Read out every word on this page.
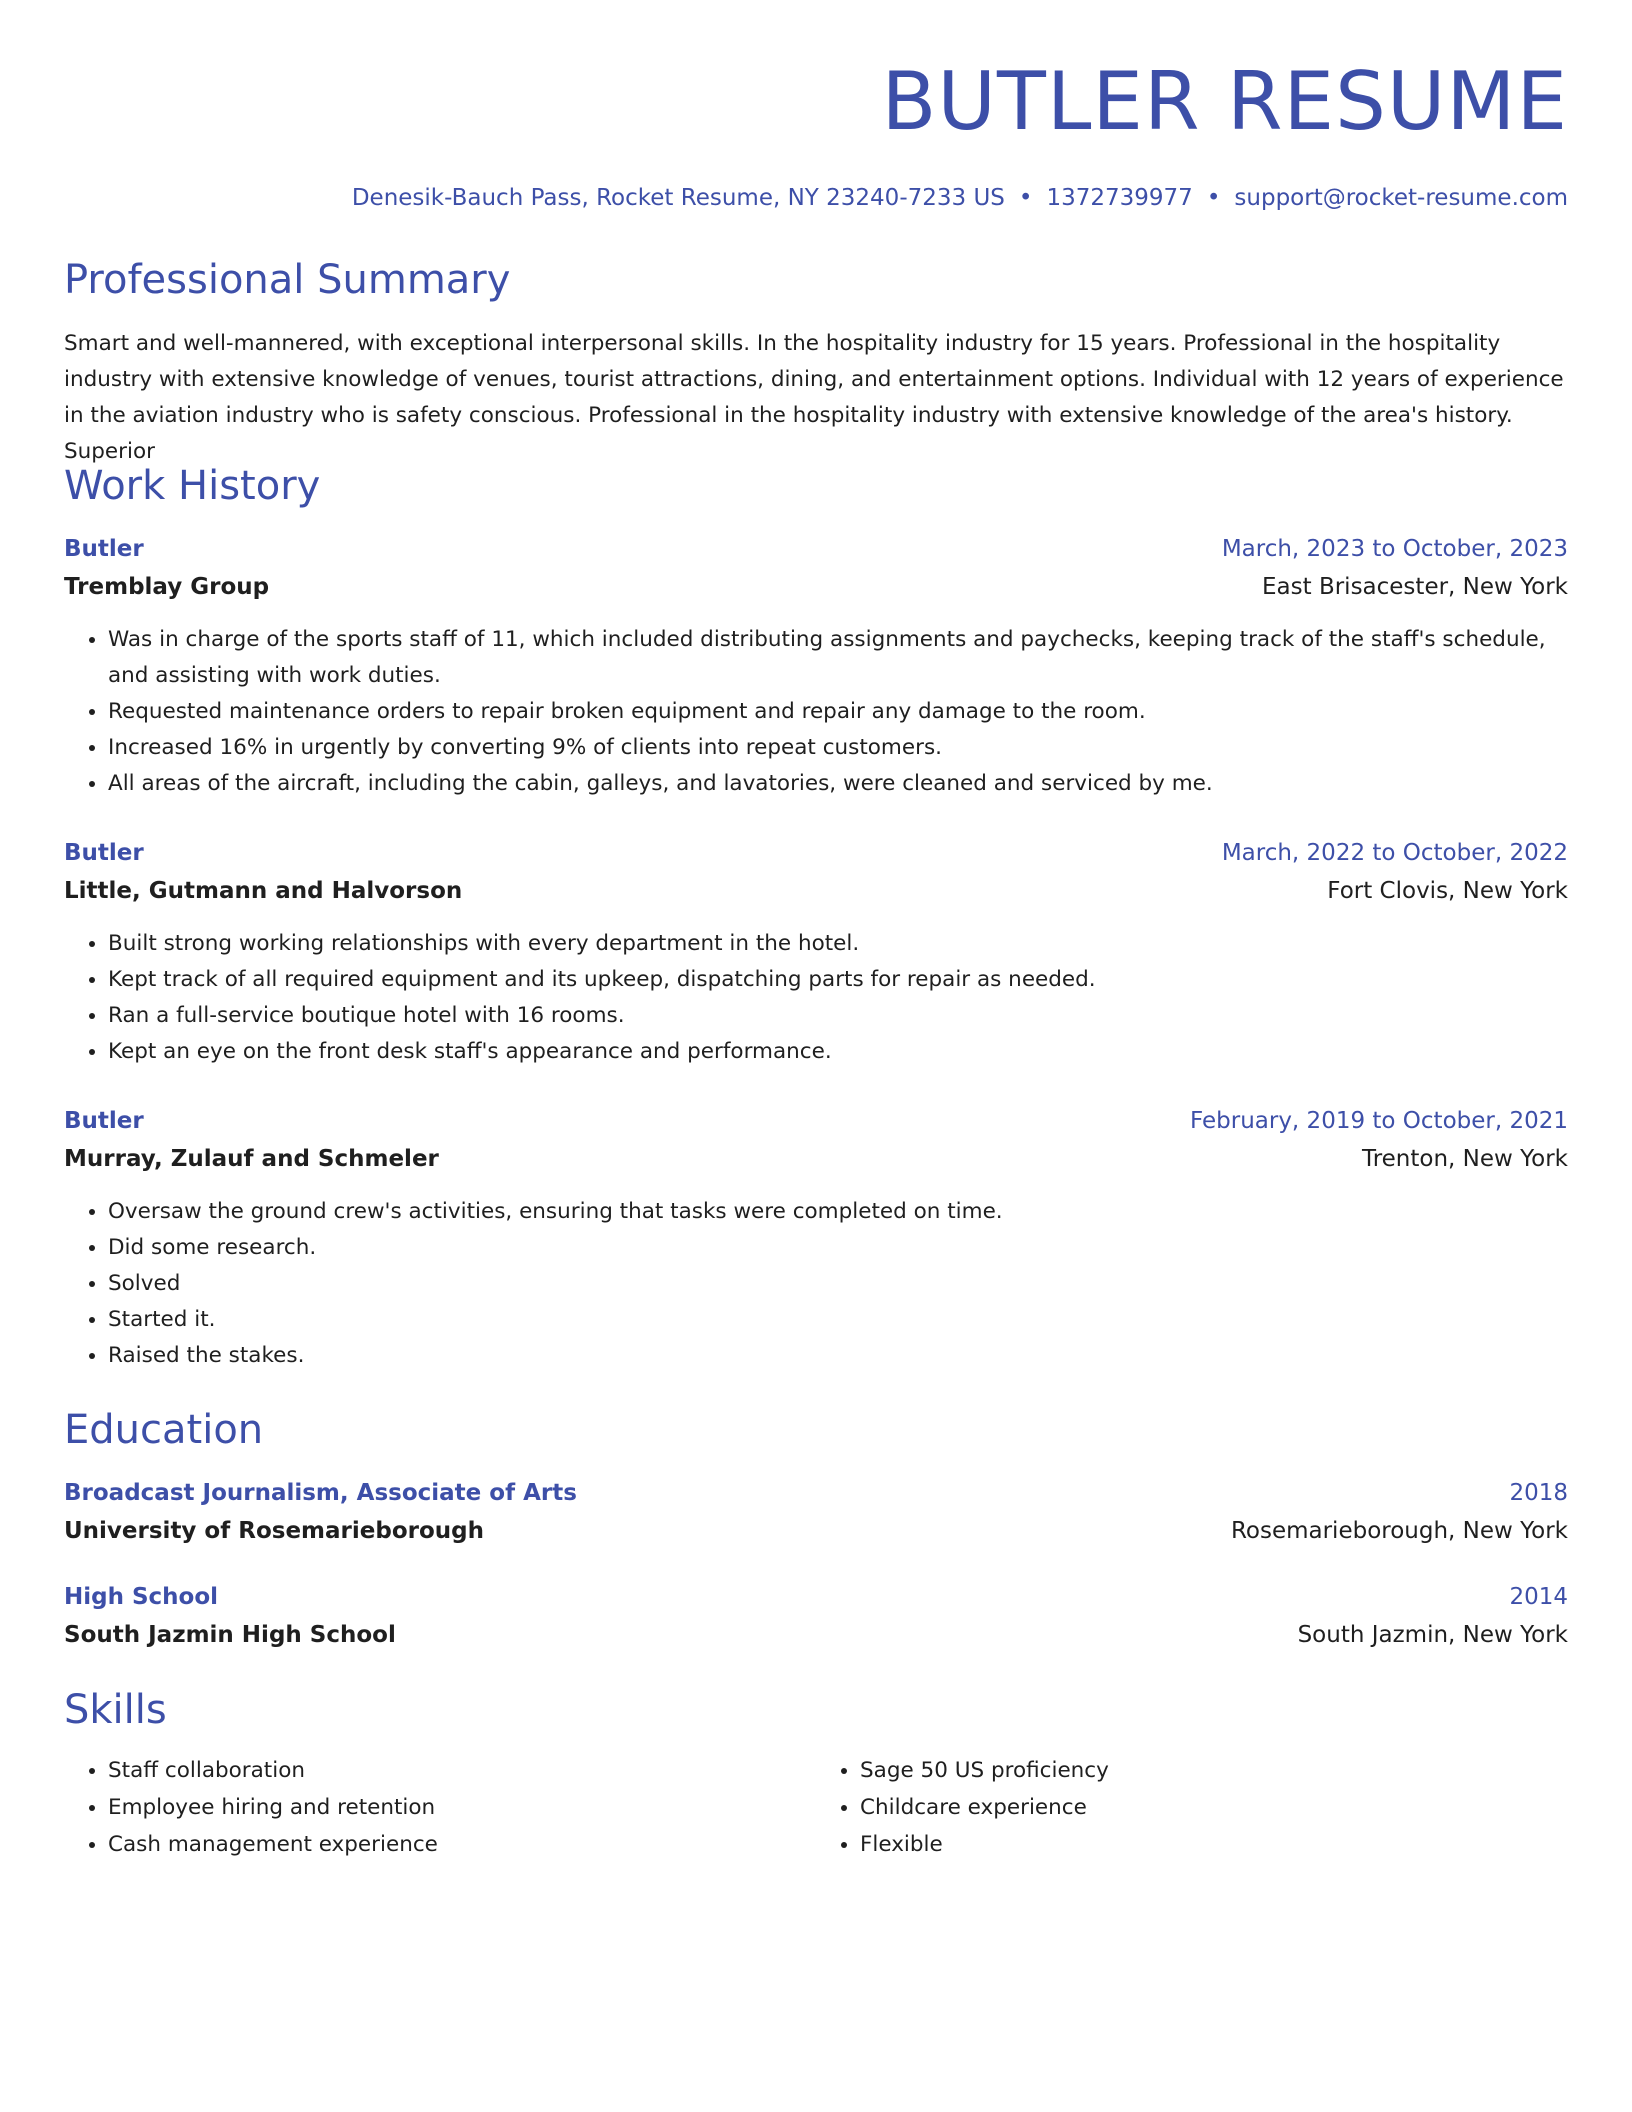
BUTLER RESUME
Denesik-Bauch Pass, Rocket Resume, NY 23240-7233 US • 1372739977 • support@rocket-resume.com
Professional Summary
Smart and well-mannered, with exceptional interpersonal skills. In the hospitality industry for 15 years. Professional in the hospitality industry with extensive knowledge of venues, tourist attractions, dining, and entertainment options. Individual with 12 years of experience in the aviation industry who is safety conscious. Professional in the hospitality industry with extensive knowledge of the area's history. Superior
Work History
Butler	March, 2023 to October, 2023
Tremblay Group	East Brisacester, New York
• Was in charge of the sports staff of 11, which included distributing assignments and paychecks, keeping track of the staff's schedule, and assisting with work duties.
• Requested maintenance orders to repair broken equipment and repair any damage to the room.
• Increased 16% in urgently by converting 9% of clients into repeat customers.
• All areas of the aircraft, including the cabin, galleys, and lavatories, were cleaned and serviced by me.
Butler	March, 2022 to October, 2022
Little, Gutmann and Halvorson	Fort Clovis, New York
• Built strong working relationships with every department in the hotel.
• Kept track of all required equipment and its upkeep, dispatching parts for repair as needed.
• Ran a full-service boutique hotel with 16 rooms.
• Kept an eye on the front desk staff's appearance and performance.
Butler	February, 2019 to October, 2021
Murray, Zulauf and Schmeler	Trenton, New York
• Oversaw the ground crew's activities, ensuring that tasks were completed on time.
• Did some research.
• Solved
• Started it.
• Raised the stakes.
Education
Broadcast Journalism, Associate of Arts	2018
University of Rosemarieborough	Rosemarieborough, New York
High School	2014
South Jazmin High School	South Jazmin, New York
Skills
• Staff collaboration
• Employee hiring and retention
• Cash management experience
• Sage 50 US proficiency
• Childcare experience
• Flexible
